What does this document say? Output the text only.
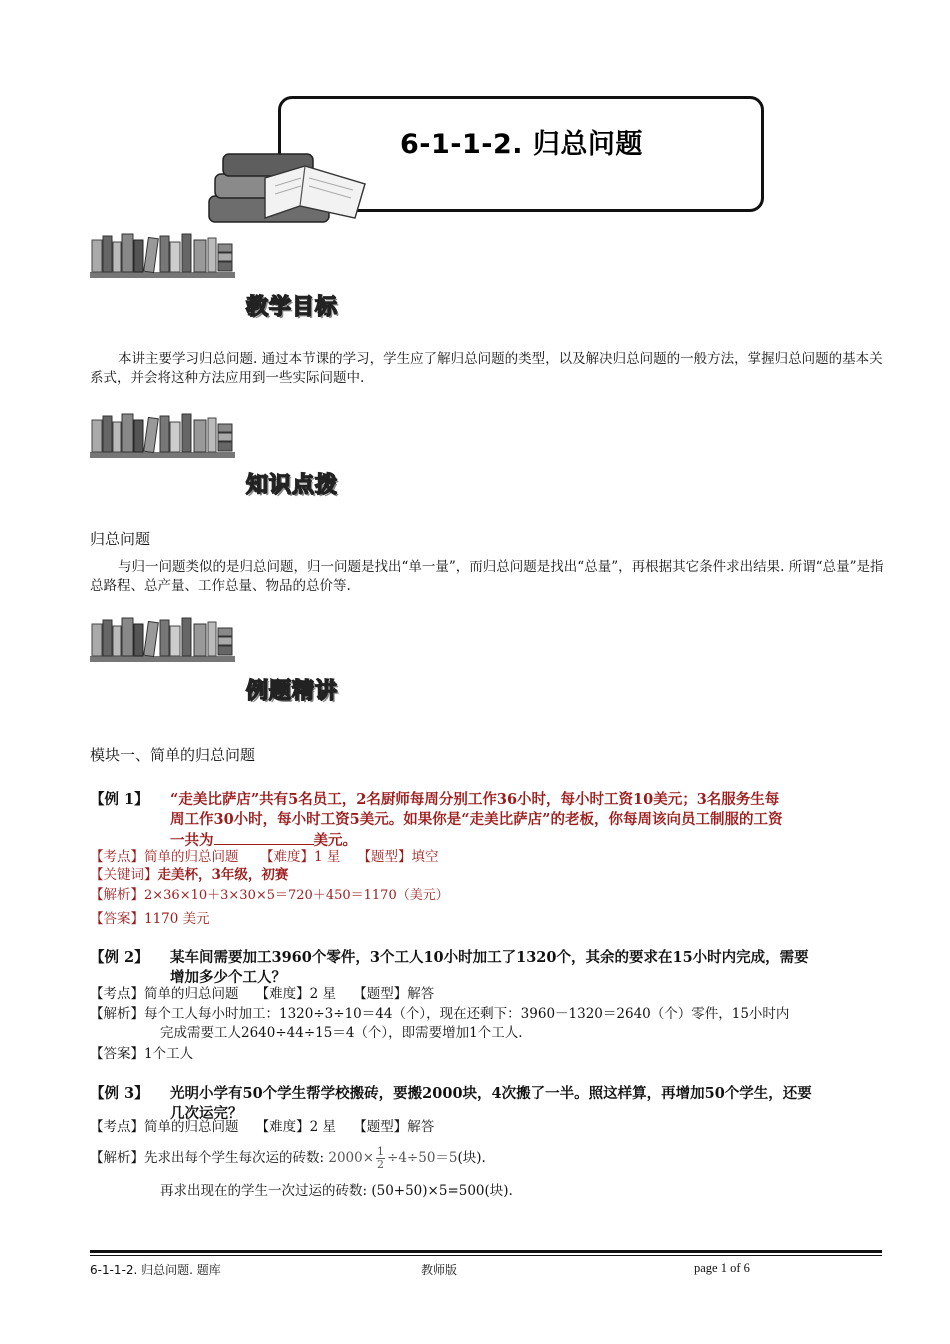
6-1-1-2. 归总问题
教学目标
本讲主要学习归总问题. 通过本节课的学习，学生应了解归总问题的类型，以及解决归总问题的一般方法，掌握归总问题的基本关系式，并会将这种方法应用到一些实际问题中.
知识点拨
归总问题
与归一问题类似的是归总问题，归一问题是找出“单一量”，而归总问题是找出“总量”，再根据其它条件求出结果. 所谓“总量”是指总路程、总产量、工作总量、物品的总价等.
例题精讲
模块一、简单的归总问题
【例 1】 “走美比萨店”共有5名员工，2名厨师每周分别工作36小时，每小时工资10美元；3名服务生每
周工作30小时，每小时工资5美元。如果你是“走美比萨店”的老板，你每周该向员工制服的工资
一共为	美元。
【考点】简单的归总问题 【难度】1 星 【题型】填空
【关键词】走美杯，3年级，初赛
【解析】2×36×10＋3×30×5＝720＋450＝1170（美元）
【答案】1170 美元
【例 2】 某车间需要加工3960个零件，3个工人10小时加工了1320个，其余的要求在15小时内完成，需要
增加多少个工人？
【考点】简单的归总问题 【难度】2 星 【题型】解答
【解析】每个工人每小时加工：1320÷3÷10＝44（个），现在还剩下：3960－1320＝2640（个）零件，15小时内
完成需要工人2640÷44÷15＝4（个），即需要增加1个工人.
【答案】1个工人
【例 3】 光明小学有50个学生帮学校搬砖，要搬2000块，4次搬了一半。照这样算，再增加50个学生，还要
几次运完？
【考点】简单的归总问题 【难度】2 星 【题型】解答
【解析】先求出每个学生每次运的砖数: $2000\times \frac{1}{2} \div 4\div 50=5$(块).
再求出现在的学生一次过运的砖数: (50+50)×5=500(块).
6-1-1-2. 归总问题. 题库	教师版	page 1 of 6
